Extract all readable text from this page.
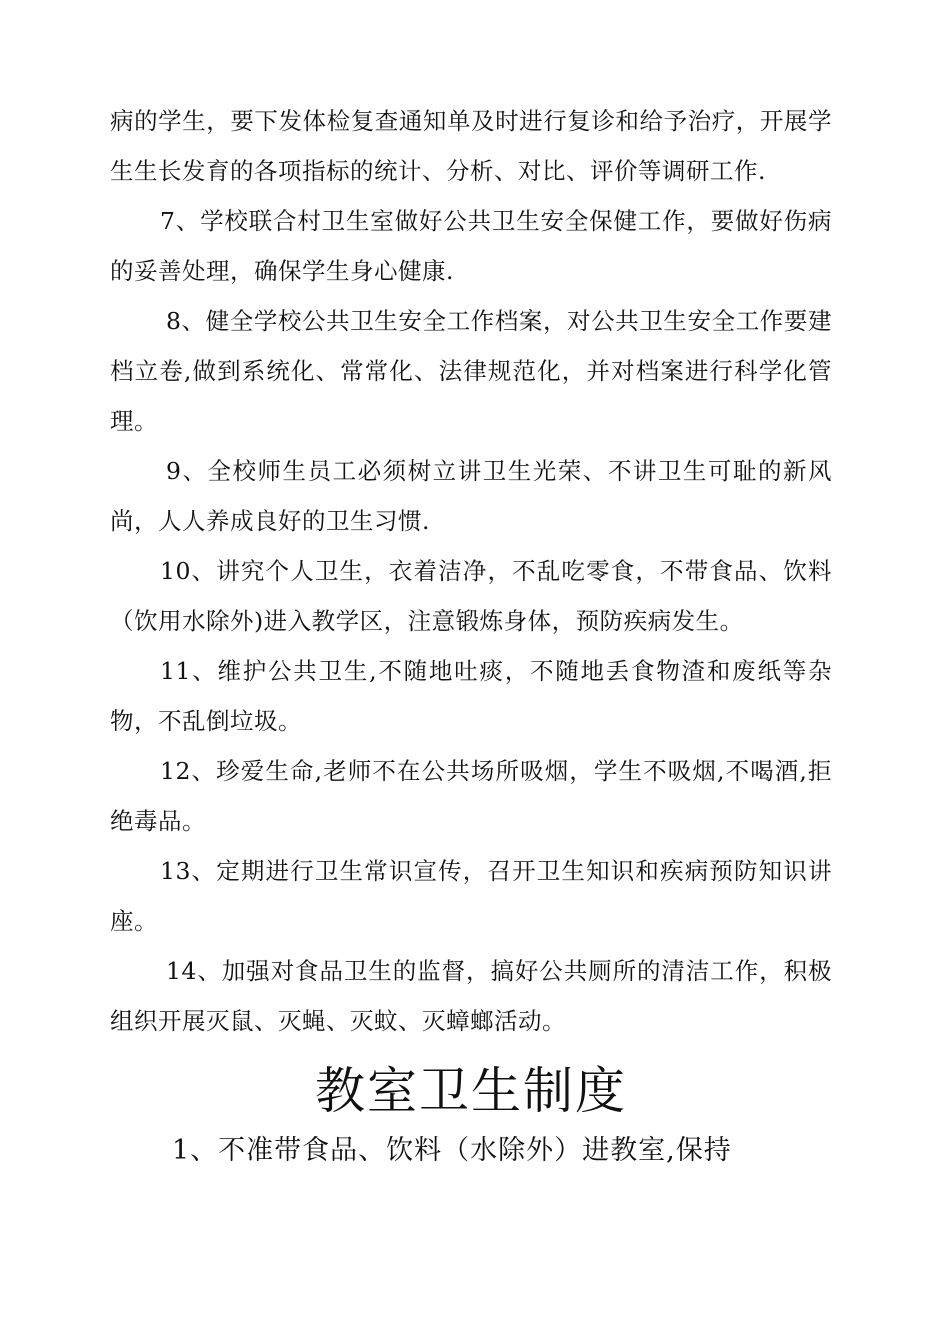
病的学生，要下发体检复查通知单及时进行复诊和给予治疗，开展学生生长发育的各项指标的统计、分析、对比、评价等调研工作.

7、学校联合村卫生室做好公共卫生安全保健工作，要做好伤病的妥善处理，确保学生身心健康.

8、健全学校公共卫生安全工作档案，对公共卫生安全工作要建档立卷,做到系统化、常常化、法律规范化，并对档案进行科学化管理。

9、全校师生员工必须树立讲卫生光荣、不讲卫生可耻的新风尚，人人养成良好的卫生习惯.

10、讲究个人卫生，衣着洁净，不乱吃零食，不带食品、饮料（饮用水除外)进入教学区，注意锻炼身体，预防疾病发生。

11、维护公共卫生,不随地吐痰，不随地丢食物渣和废纸等杂物，不乱倒垃圾。

12、珍爱生命,老师不在公共场所吸烟，学生不吸烟,不喝酒,拒绝毒品。

13、定期进行卫生常识宣传，召开卫生知识和疾病预防知识讲座。

14、加强对食品卫生的监督，搞好公共厕所的清洁工作，积极组织开展灭鼠、灭蝇、灭蚊、灭蟑螂活动。

教室卫生制度

1、不准带食品、饮料（水除外）进教室,保持
